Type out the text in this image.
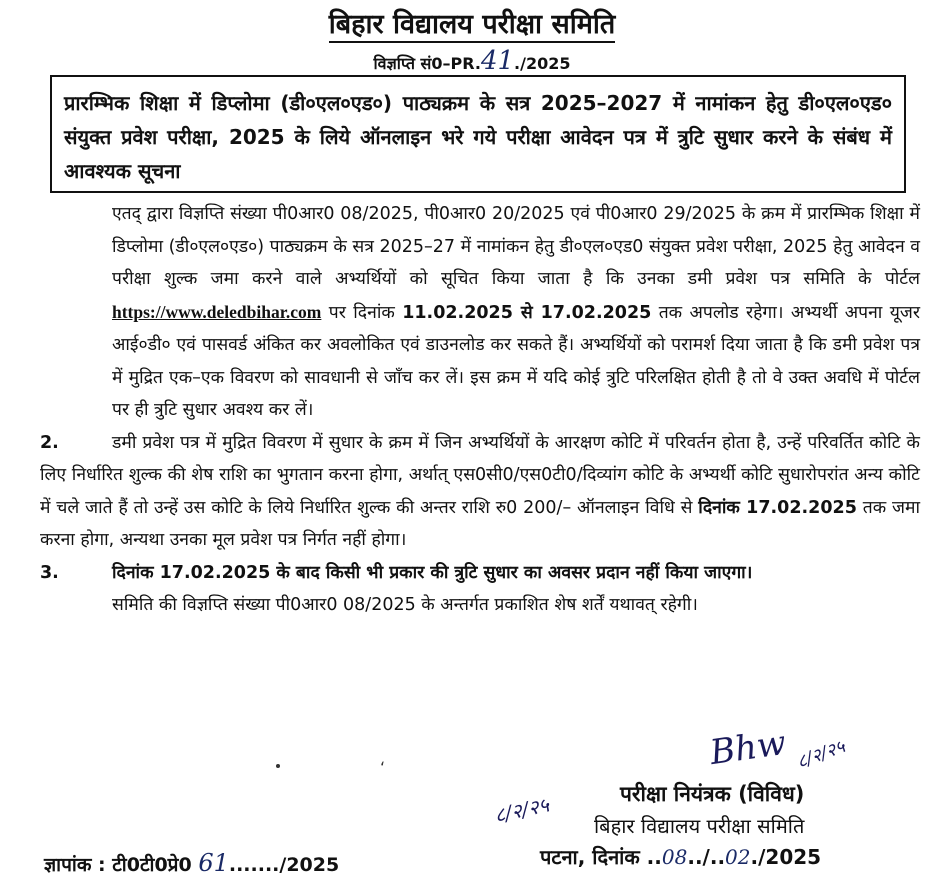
बिहार विद्यालय परीक्षा समिति
विज्ञप्ति सं0–PR.41./2025
प्रारम्भिक शिक्षा में डिप्लोमा (डी०एल०एड०) पाठ्यक्रम के सत्र 2025–2027 में नामांकन हेतु डी०एल०एड० संयुक्त प्रवेश परीक्षा, 2025 के लिये ऑनलाइन भरे गये परीक्षा आवेदन पत्र में त्रुटि सुधार करने के संबंध में आवश्यक सूचना

एतद् द्वारा विज्ञप्ति संख्या पी0आर0 08/2025, पी0आर0 20/2025 एवं पी0आर0 29/2025 के क्रम में प्रारम्भिक शिक्षा में डिप्लोमा (डी०एल०एड०) पाठ्यक्रम के सत्र 2025–27 में नामांकन हेतु डी०एल०एड0 संयुक्त प्रवेश परीक्षा, 2025 हेतु आवेदन व परीक्षा शुल्क जमा करने वाले अभ्यर्थियों को सूचित किया जाता है कि उनका डमी प्रवेश पत्र समिति के पोर्टल https://www.deledbihar.com पर दिनांक 11.02.2025 से 17.02.2025 तक अपलोड रहेगा। अभ्यर्थी अपना यूजर आई०डी० एवं पासवर्ड अंकित कर अवलोकित एवं डाउनलोड कर सकते हैं। अभ्यर्थियों को परामर्श दिया जाता है कि डमी प्रवेश पत्र में मुद्रित एक–एक विवरण को सावधानी से जाँच कर लें। इस क्रम में यदि कोई त्रुटि परिलक्षित होती है तो वे उक्त अवधि में पोर्टल पर ही त्रुटि सुधार अवश्य कर लें।

2.	डमी प्रवेश पत्र में मुद्रित विवरण में सुधार के क्रम में जिन अभ्यर्थियों के आरक्षण कोटि में परिवर्तन होता है, उन्हें परिवर्तित कोटि के लिए निर्धारित शुल्क की शेष राशि का भुगतान करना होगा, अर्थात् एस0सी0/एस0टी0/दिव्यांग कोटि के अभ्यर्थी कोटि सुधारोपरांत अन्य कोटि में चले जाते हैं तो उन्हें उस कोटि के लिये निर्धारित शुल्क की अन्तर राशि रु0 200/– ऑनलाइन विधि से दिनांक 17.02.2025 तक जमा करना होगा, अन्यथा उनका मूल प्रवेश पत्र निर्गत नहीं होगा।

3.	दिनांक 17.02.2025 के बाद किसी भी प्रकार की त्रुटि सुधार का अवसर प्रदान नहीं किया जाएगा।

समिति की विज्ञप्ति संख्या पी0आर0 08/2025 के अन्तर्गत प्रकाशित शेष शर्तें यथावत् रहेगी।

‘	Bhw ८/२/२५
८/२/२५	परीक्षा नियंत्रक (विविध)
बिहार विद्यालय परीक्षा समिति
पटना, दिनांक ..08../..02./2025
ज्ञापांक : टी0टी0प्रे0 61......./2025
